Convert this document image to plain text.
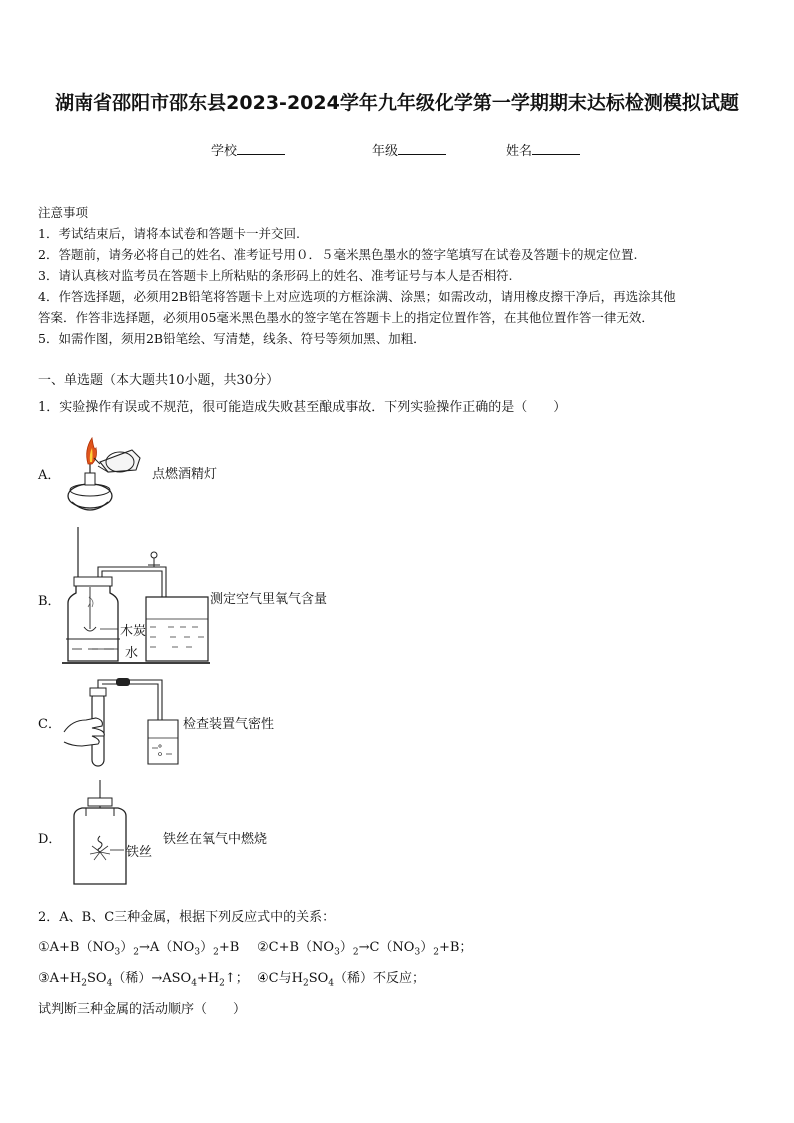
湖南省邵阳市邵东县2023-2024学年九年级化学第一学期期末达标检测模拟试题
学校	年级	姓名
注意事项
1．考试结束后，请将本试卷和答题卡一并交回.
2．答题前，请务必将自己的姓名、准考证号用０．５毫米黑色墨水的签字笔填写在试卷及答题卡的规定位置.
3．请认真核对监考员在答题卡上所粘贴的条形码上的姓名、准考证号与本人是否相符.
4．作答选择题，必须用2B铅笔将答题卡上对应选项的方框涂满、涂黑；如需改动，请用橡皮擦干净后，再选涂其他
答案．作答非选择题，必须用05毫米黑色墨水的签字笔在答题卡上的指定位置作答，在其他位置作答一律无效．
5．如需作图，须用2B铅笔绘、写清楚，线条、符号等须加黑、加粗．
一、单选题（本大题共10小题，共30分）
1．实验操作有误或不规范，很可能造成失败甚至酿成事故．下列实验操作正确的是（　　）
A．	点燃酒精灯
B．
木炭
水
测定空气里氧气含量
C．	检查装置气密性
D．
铁丝
铁丝在氧气中燃烧
2．A、B、C三种金属，根据下列反应式中的关系：
$①A+B(NO_3)_2\to A(NO_3)_2+B$ $②C+B(NO_3)_2\to C(NO_3)_2+B$；
$③A+H_2SO_4$（稀）$\to ASO_4+H_2↑$； ④C与$H_2SO_4$（稀）不反应；
试判断三种金属的活动顺序（　　）
